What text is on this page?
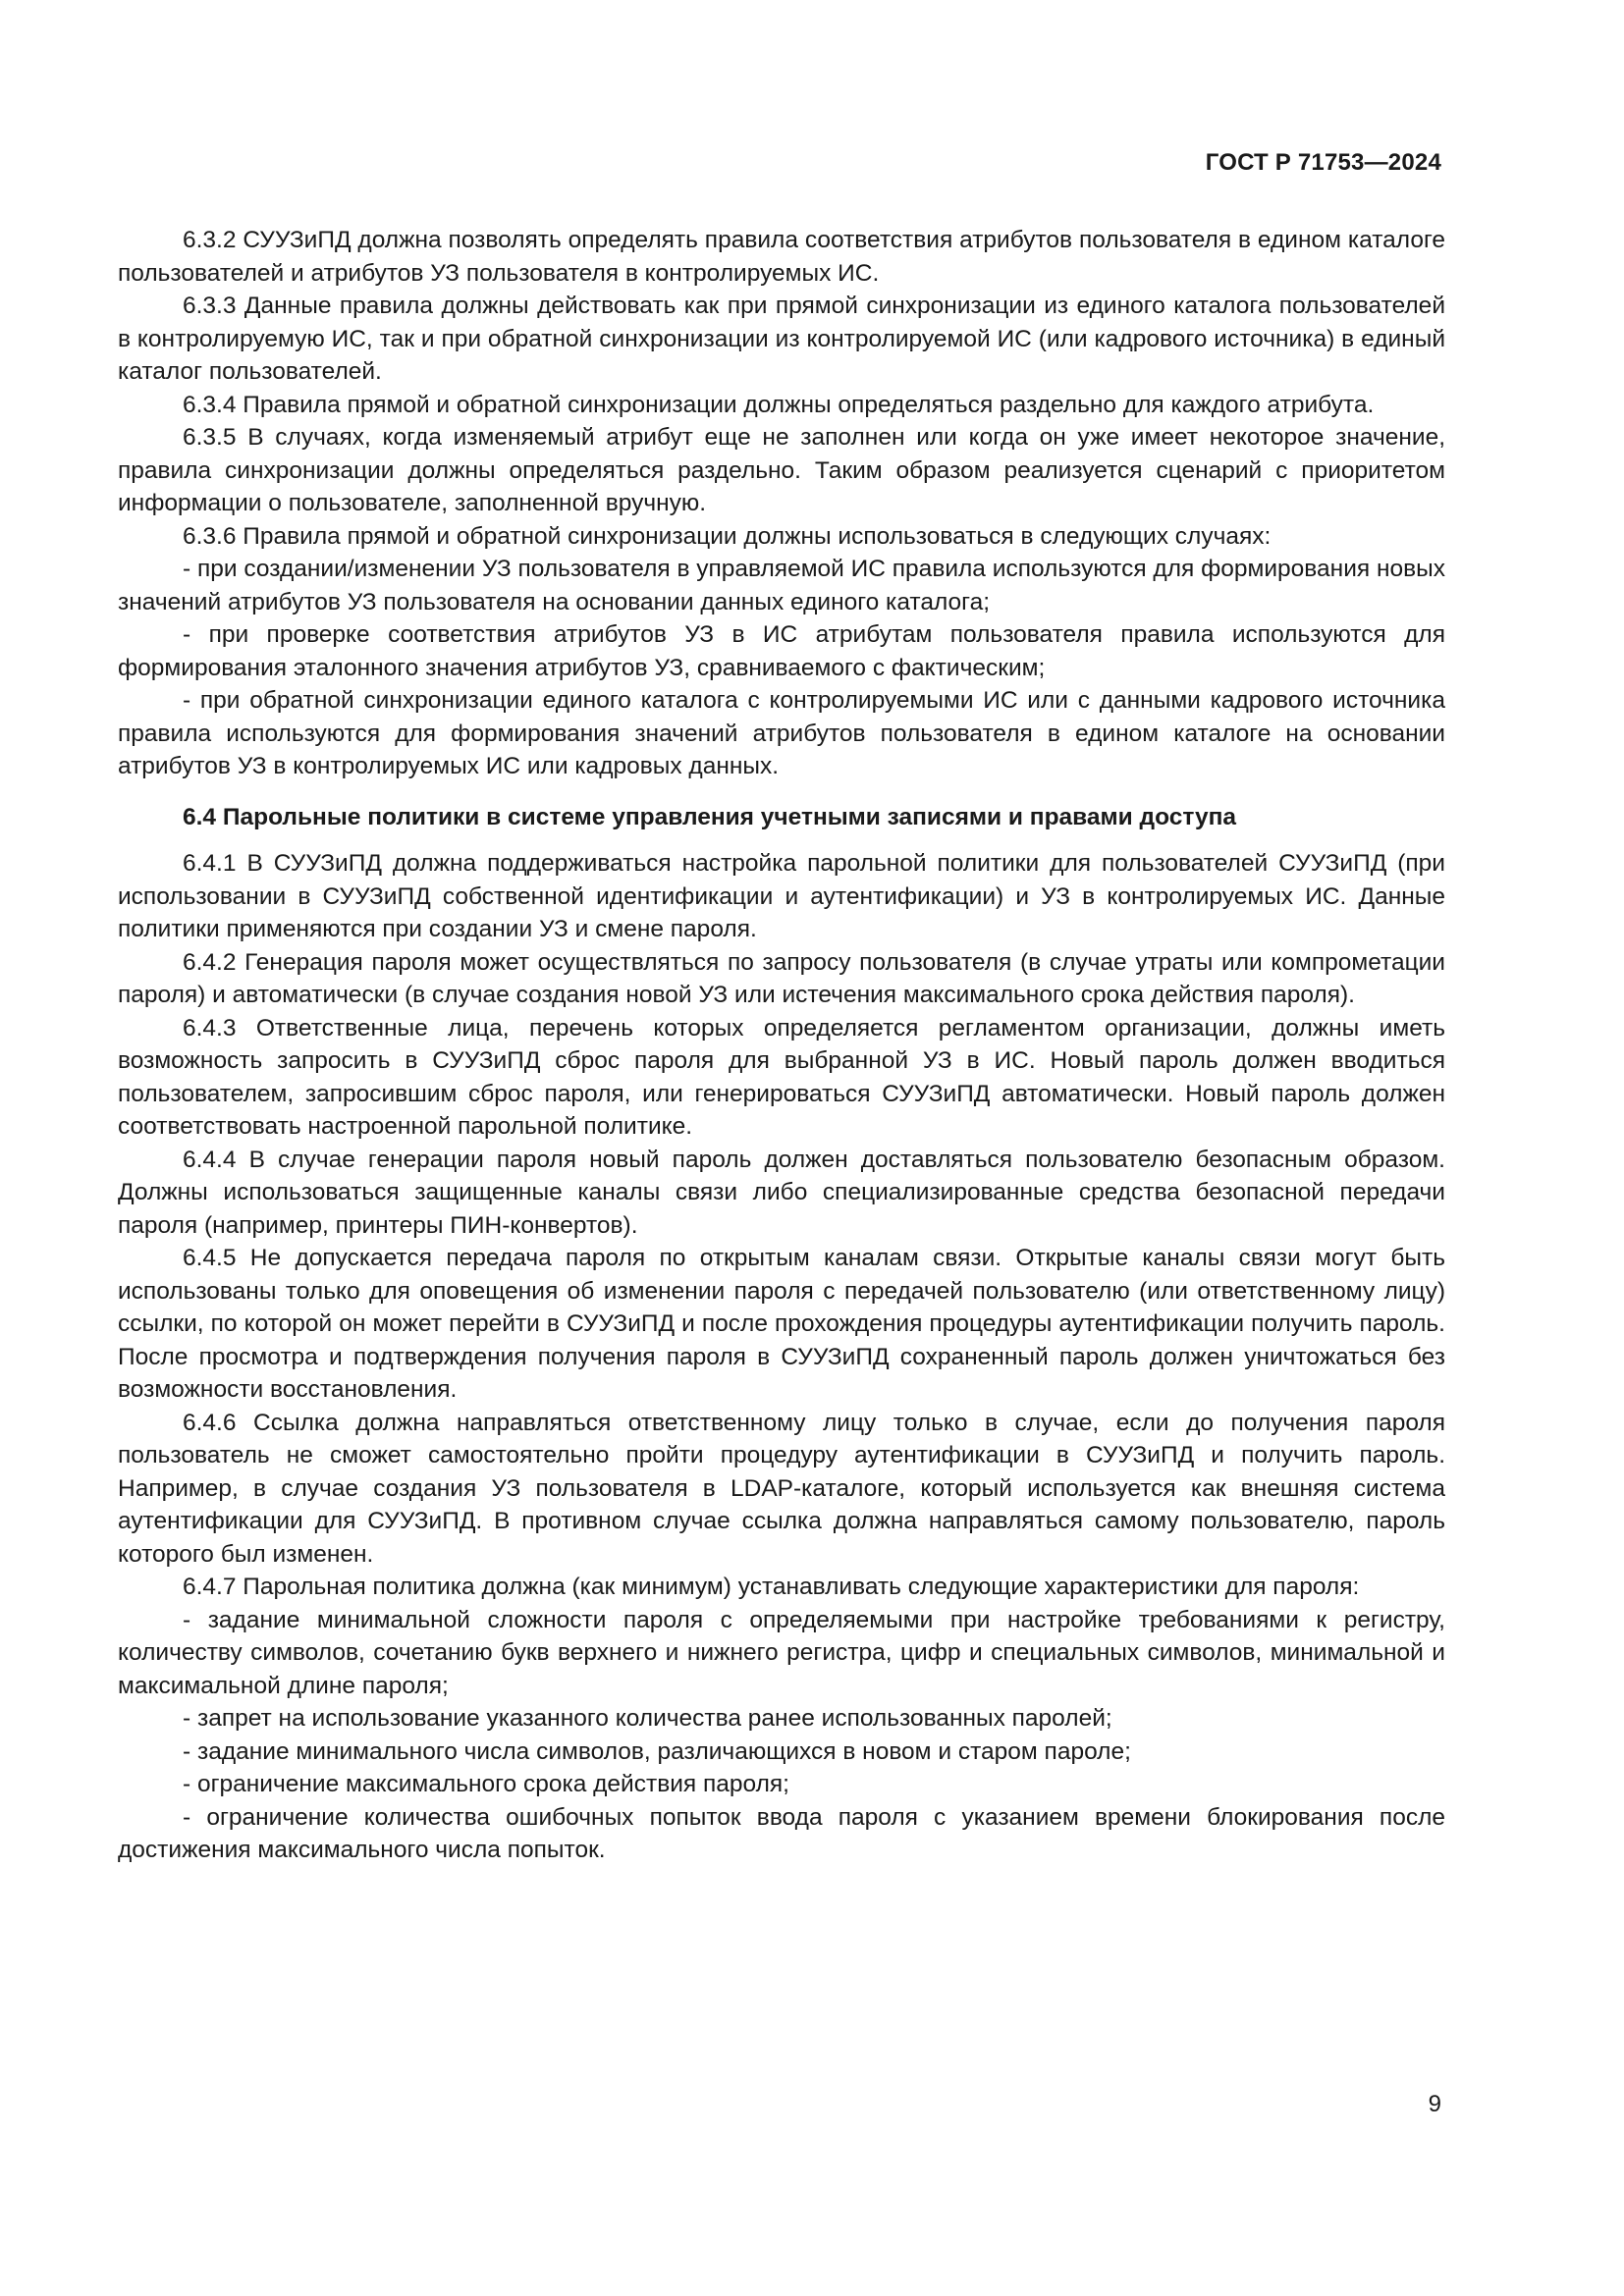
ГОСТ Р 71753—2024

6.3.2 СУУЗиПД должна позволять определять правила соответствия атрибутов пользователя в едином каталоге пользователей и атрибутов УЗ пользователя в контролируемых ИС.

6.3.3 Данные правила должны действовать как при прямой синхронизации из единого каталога пользователей в контролируемую ИС, так и при обратной синхронизации из контролируемой ИС (или кадрового источника) в единый каталог пользователей.

6.3.4 Правила прямой и обратной синхронизации должны определяться раздельно для каждого атрибута.

6.3.5 В случаях, когда изменяемый атрибут еще не заполнен или когда он уже имеет некоторое значение, правила синхронизации должны определяться раздельно. Таким образом реализуется сценарий с приоритетом информации о пользователе, заполненной вручную.

6.3.6 Правила прямой и обратной синхронизации должны использоваться в следующих случаях:

- при создании/изменении УЗ пользователя в управляемой ИС правила используются для формирования новых значений атрибутов УЗ пользователя на основании данных единого каталога;

- при проверке соответствия атрибутов УЗ в ИС атрибутам пользователя правила используются для формирования эталонного значения атрибутов УЗ, сравниваемого с фактическим;

- при обратной синхронизации единого каталога с контролируемыми ИС или с данными кадрового источника правила используются для формирования значений атрибутов пользователя в едином каталоге на основании атрибутов УЗ в контролируемых ИС или кадровых данных.

6.4 Парольные политики в системе управления учетными записями и правами доступа

6.4.1 В СУУЗиПД должна поддерживаться настройка парольной политики для пользователей СУУЗиПД (при использовании в СУУЗиПД собственной идентификации и аутентификации) и УЗ в контролируемых ИС. Данные политики применяются при создании УЗ и смене пароля.

6.4.2 Генерация пароля может осуществляться по запросу пользователя (в случае утраты или компрометации пароля) и автоматически (в случае создания новой УЗ или истечения максимального срока действия пароля).

6.4.3 Ответственные лица, перечень которых определяется регламентом организации, должны иметь возможность запросить в СУУЗиПД сброс пароля для выбранной УЗ в ИС. Новый пароль должен вводиться пользователем, запросившим сброс пароля, или генерироваться СУУЗиПД автоматически. Новый пароль должен соответствовать настроенной парольной политике.

6.4.4 В случае генерации пароля новый пароль должен доставляться пользователю безопасным образом. Должны использоваться защищенные каналы связи либо специализированные средства безопасной передачи пароля (например, принтеры ПИН-конвертов).

6.4.5 Не допускается передача пароля по открытым каналам связи. Открытые каналы связи могут быть использованы только для оповещения об изменении пароля с передачей пользователю (или ответственному лицу) ссылки, по которой он может перейти в СУУЗиПД и после прохождения процедуры аутентификации получить пароль. После просмотра и подтверждения получения пароля в СУУЗиПД сохраненный пароль должен уничтожаться без возможности восстановления.

6.4.6 Ссылка должна направляться ответственному лицу только в случае, если до получения пароля пользователь не сможет самостоятельно пройти процедуру аутентификации в СУУЗиПД и получить пароль. Например, в случае создания УЗ пользователя в LDAP-каталоге, который используется как внешняя система аутентификации для СУУЗиПД. В противном случае ссылка должна направляться самому пользователю, пароль которого был изменен.

6.4.7 Парольная политика должна (как минимум) устанавливать следующие характеристики для пароля:

- задание минимальной сложности пароля с определяемыми при настройке требованиями к регистру, количеству символов, сочетанию букв верхнего и нижнего регистра, цифр и специальных символов, минимальной и максимальной длине пароля;

- запрет на использование указанного количества ранее использованных паролей;

- задание минимального числа символов, различающихся в новом и старом пароле;

- ограничение максимального срока действия пароля;

- ограничение количества ошибочных попыток ввода пароля с указанием времени блокирования после достижения максимального числа попыток.

9
